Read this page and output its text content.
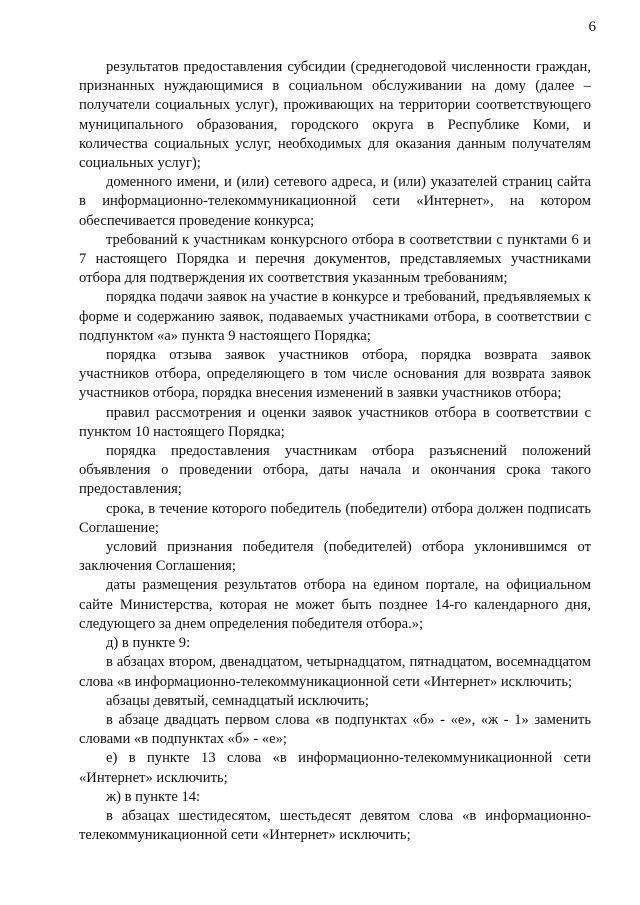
6

результатов предоставления субсидии (среднегодовой численности граждан, признанных нуждающимися в социальном обслуживании на дому (далее – получатели социальных услуг), проживающих на территории соответствующего муниципального образования, городского округа в Республике Коми, и количества социальных услуг, необходимых для оказания данным получателям социальных услуг);

доменного имени, и (или) сетевого адреса, и (или) указателей страниц сайта в информационно-телекоммуникационной сети «Интернет», на котором обеспечивается проведение конкурса;

требований к участникам конкурсного отбора в соответствии с пунктами 6 и 7 настоящего Порядка и перечня документов, представляемых участниками отбора для подтверждения их соответствия указанным требованиям;

порядка подачи заявок на участие в конкурсе и требований, предъявляемых к форме и содержанию заявок, подаваемых участниками отбора, в соответствии с подпунктом «а» пункта 9 настоящего Порядка;

порядка отзыва заявок участников отбора, порядка возврата заявок участников отбора, определяющего в том числе основания для возврата заявок участников отбора, порядка внесения изменений в заявки участников отбора;

правил рассмотрения и оценки заявок участников отбора в соответствии с пунктом 10 настоящего Порядка;

порядка предоставления участникам отбора разъяснений положений объявления о проведении отбора, даты начала и окончания срока такого предоставления;

срока, в течение которого победитель (победители) отбора должен подписать Соглашение;

условий признания победителя (победителей) отбора уклонившимся от заключения Соглашения;

даты размещения результатов отбора на едином портале, на официальном сайте Министерства, которая не может быть позднее 14-го календарного дня, следующего за днем определения победителя отбора.»;

д) в пункте 9:

в абзацах втором, двенадцатом, четырнадцатом, пятнадцатом, восемнадцатом слова «в информационно-телекоммуникационной сети «Интернет» исключить;

абзацы девятый, семнадцатый исключить;

в абзаце двадцать первом слова «в подпунктах «б» - «е», «ж - 1» заменить словами «в подпунктах «б» - «е»;

е) в пункте 13 слова «в информационно-телекоммуникационной сети «Интернет» исключить;

ж) в пункте 14:

в абзацах шестидесятом, шестьдесят девятом слова «в информационно-телекоммуникационной сети «Интернет» исключить;
